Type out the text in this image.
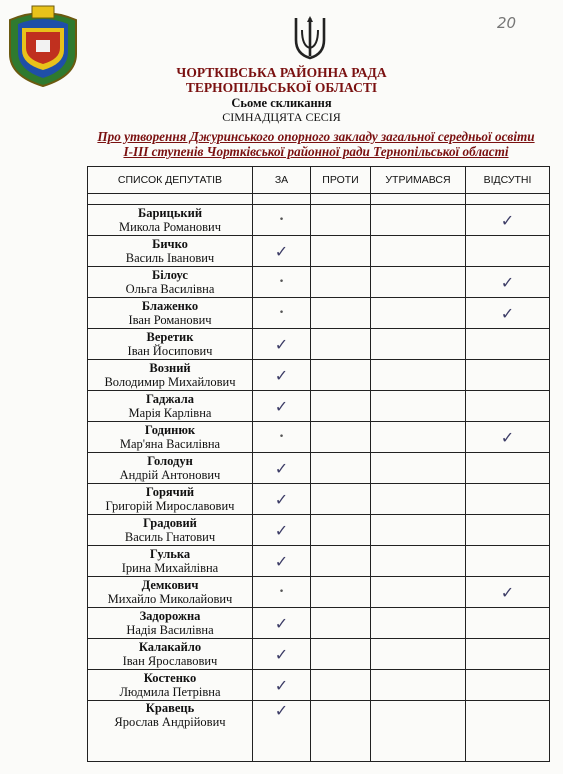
20
ЧОРТКІВСЬКА РАЙОННА РАДА
ТЕРНОПІЛЬСЬКОЇ ОБЛАСТІ
Сьоме скликання
СІМНАДЦЯТА СЕСІЯ
Про утворення Джуринського опорного закладу загальної середньої освіти
І-ІІІ ступенів Чортківської районної ради Тернопільської області
СПИСОК ДЕПУТАТІВ	ЗА	ПРОТИ	УТРИМАВСЯ	ВІДСУТНІ

Барицький
Микола Романович	•			✓

Бичко
Василь Іванович	✓			

Білоус
Ольга Василівна	•			✓

Блаженко
Іван Романович	•			✓

Веретик
Іван Йосипович	✓			

Возний
Володимир Михайлович	✓			

Гаджала
Марія Карлівна	✓			

Годинюк
Мар'яна Василівна	•			✓

Голодун
Андрій Антонович	✓			

Горячий
Григорій Мирославович	✓			

Градовий
Василь Гнатович	✓			

Гулька
Ірина Михайлівна	✓			

Демкович
Михайло Миколайович	•			✓

Задорожна
Надія Василівна	✓			

Калакайло
Іван Ярославович	✓			

Костенко
Людмила Петрівна	✓			

Кравець
Ярослав Андрійович	✓			
